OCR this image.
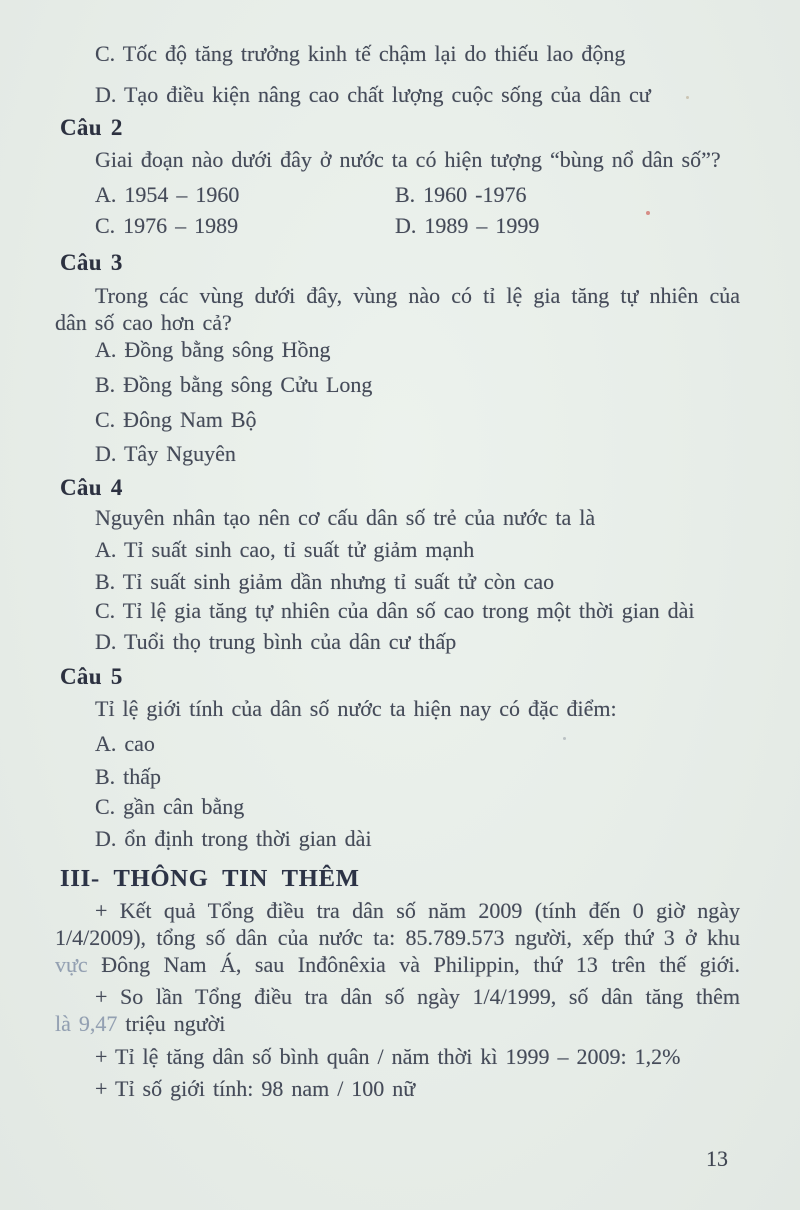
C. Tốc độ tăng trưởng kinh tế chậm lại do thiếu lao động
D. Tạo điều kiện nâng cao chất lượng cuộc sống của dân cư
Câu 2
Giai đoạn nào dưới đây ở nước ta có hiện tượng “bùng nổ dân số”?
A. 1954 – 1960	B. 1960 -1976
C. 1976 – 1989	D. 1989 – 1999
Câu 3
Trong các vùng dưới đây, vùng nào có tỉ lệ gia tăng tự nhiên của
dân số cao hơn cả?
A. Đồng bằng sông Hồng
B. Đồng bằng sông Cửu Long
C. Đông Nam Bộ
D. Tây Nguyên
Câu 4
Nguyên nhân tạo nên cơ cấu dân số trẻ của nước ta là
A. Tỉ suất sinh cao, tỉ suất tử giảm mạnh
B. Tỉ suất sinh giảm dần nhưng tỉ suất tử còn cao
C. Tỉ lệ gia tăng tự nhiên của dân số cao trong một thời gian dài
D. Tuổi thọ trung bình của dân cư thấp
Câu 5
Tỉ lệ giới tính của dân số nước ta hiện nay có đặc điểm:
A. cao
B. thấp
C. gần cân bằng
D. ổn định trong thời gian dài
III- THÔNG TIN THÊM
+ Kết quả Tổng điều tra dân số năm 2009 (tính đến 0 giờ ngày
1/4/2009), tổng số dân của nước ta: 85.789.573 người, xếp thứ 3 ở khu
vực Đông Nam Á, sau Inđônêxia và Philippin, thứ 13 trên thế giới.
+ So lần Tổng điều tra dân số ngày 1/4/1999, số dân tăng thêm
là 9,47 triệu người
+ Tỉ lệ tăng dân số bình quân / năm thời kì 1999 – 2009: 1,2%
+ Tỉ số giới tính: 98 nam / 100 nữ
13
